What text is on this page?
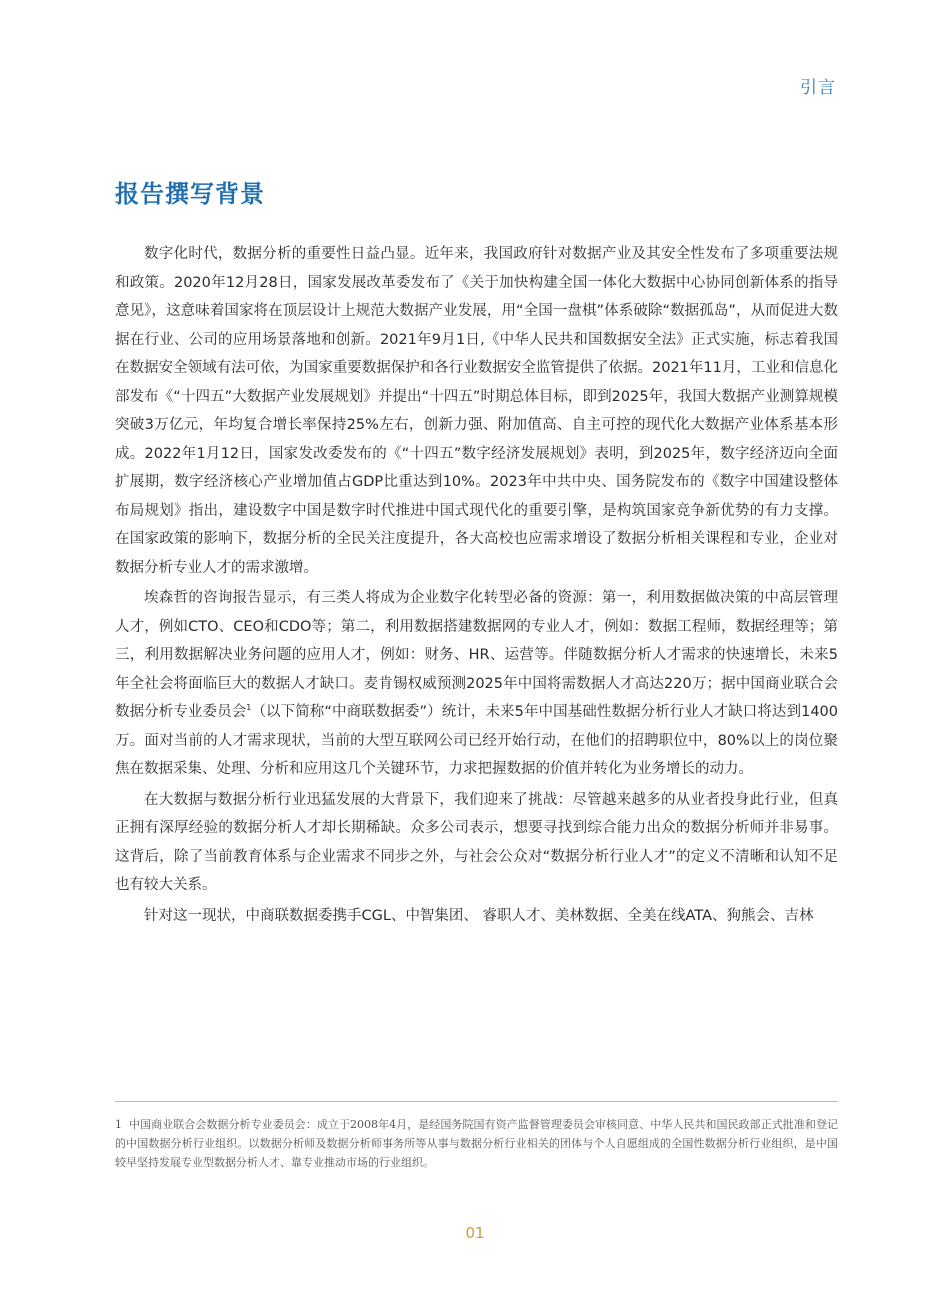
引言
报告撰写背景

数字化时代，数据分析的重要性日益凸显。近年来，我国政府针对数据产业及其安全性发布了多项重要法规和政策。2020年12月28日，国家发展改革委发布了《关于加快构建全国一体化大数据中心协同创新体系的指导意见》，这意味着国家将在顶层设计上规范大数据产业发展，用“全国一盘棋”体系破除“数据孤岛”，从而促进大数据在行业、公司的应用场景落地和创新。2021年9月1日,《中华人民共和国数据安全法》正式实施，标志着我国在数据安全领域有法可依，为国家重要数据保护和各行业数据安全监管提供了依据。2021年11月，工业和信息化部发布《“十四五”大数据产业发展规划》并提出“十四五”时期总体目标，即到2025年，我国大数据产业测算规模突破3万亿元，年均复合增长率保持25%左右，创新力强、附加值高、自主可控的现代化大数据产业体系基本形成。2022年1月12日，国家发改委发布的《“十四五”数字经济发展规划》表明，到2025年，数字经济迈向全面扩展期，数字经济核心产业增加值占GDP比重达到10%。2023年中共中央、国务院发布的《数字中国建设整体布局规划》指出，建设数字中国是数字时代推进中国式现代化的重要引擎，是构筑国家竞争新优势的有力支撑。在国家政策的影响下，数据分析的全民关注度提升，各大高校也应需求增设了数据分析相关课程和专业，企业对数据分析专业人才的需求激增。

埃森哲的咨询报告显示，有三类人将成为企业数字化转型必备的资源：第一，利用数据做决策的中高层管理人才，例如CTO、CEO和CDO等；第二，利用数据搭建数据网的专业人才，例如：数据工程师，数据经理等；第三，利用数据解决业务问题的应用人才，例如：财务、HR、运营等。伴随数据分析人才需求的快速增长，未来5年全社会将面临巨大的数据人才缺口。麦肯锡权威预测2025年中国将需数据人才高达220万；据中国商业联合会数据分析专业委员会$^1$（以下简称“中商联数据委”）统计，未来5年中国基础性数据分析行业人才缺口将达到1400万。面对当前的人才需求现状，当前的大型互联网公司已经开始行动，在他们的招聘职位中，80%以上的岗位聚焦在数据采集、处理、分析和应用这几个关键环节，力求把握数据的价值并转化为业务增长的动力。

在大数据与数据分析行业迅猛发展的大背景下，我们迎来了挑战：尽管越来越多的从业者投身此行业，但真正拥有深厚经验的数据分析人才却长期稀缺。众多公司表示，想要寻找到综合能力出众的数据分析师并非易事。这背后，除了当前教育体系与企业需求不同步之外，与社会公众对“数据分析行业人才”的定义不清晰和认知不足也有较大关系。

针对这一现状，中商联数据委携手CGL、中智集团、 睿职人才、美林数据、全美在线ATA、狗熊会、吉林

1 中国商业联合会数据分析专业委员会：成立于2008年4月，是经国务院国有资产监督管理委员会审核同意、中华人民共和国民政部正式批准和登记的中国数据分析行业组织。以数据分析师及数据分析师事务所等从事与数据分析行业相关的团体与个人自愿组成的全国性数据分析行业组织，是中国较早坚持发展专业型数据分析人才、靠专业推动市场的行业组织。

01
